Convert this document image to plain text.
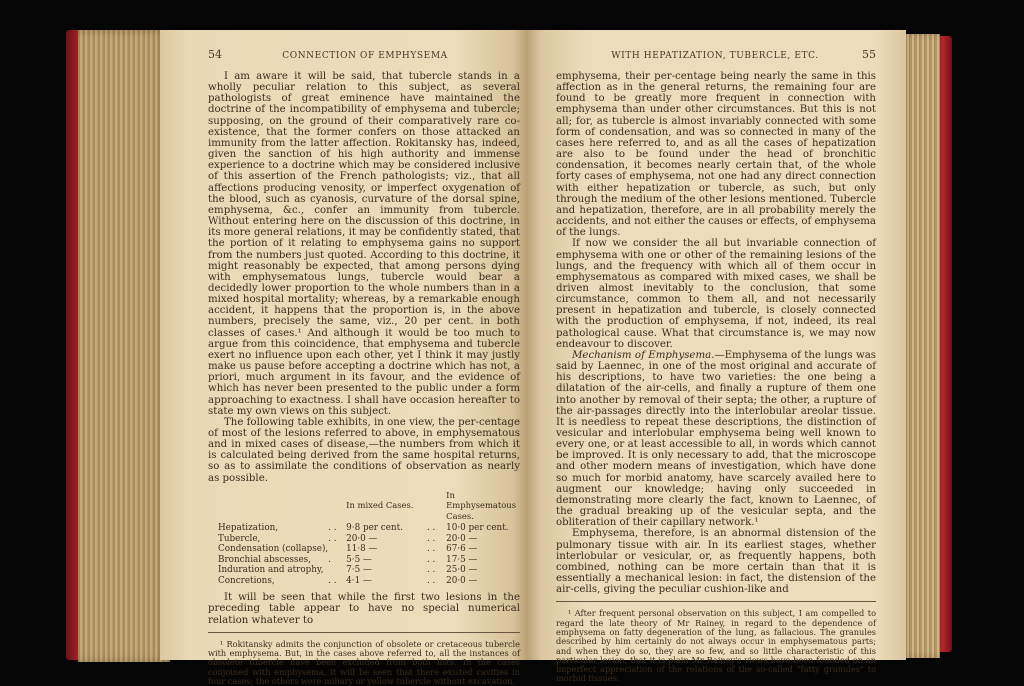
54	CONNECTION OF EMPHYSEMA

I am aware it will be said, that tubercle stands in a wholly peculiar relation to this subject, as several pathologists of great eminence have maintained the doctrine of the incompatibility of emphysema and tubercle; supposing, on the ground of their comparatively rare co-existence, that the former confers on those attacked an immunity from the latter affection. Rokitansky has, indeed, given the sanction of his high authority and immense experience to a doctrine which may be considered inclusive of this assertion of the French pathologists; viz., that all affections producing venosity, or imperfect oxygenation of the blood, such as cyanosis, curvature of the dorsal spine, emphysema, &c., confer an immunity from tubercle. Without entering here on the discussion of this doctrine, in its more general relations, it may be confidently stated, that the portion of it relating to emphysema gains no support from the numbers just quoted. According to this doctrine, it might reasonably be expected, that among persons dying with emphysematous lungs, tubercle would bear a decidedly lower proportion to the whole numbers than in a mixed hospital mortality; whereas, by a remarkable enough accident, it happens that the proportion is, in the above numbers, precisely the same, viz., 20 per cent. in both classes of cases.¹ And although it would be too much to argue from this coincidence, that emphysema and tubercle exert no influence upon each other, yet I think it may justly make us pause before accepting a doctrine which has not, a priori, much argument in its favour, and the evidence of which has never been presented to the public under a form approaching to exactness. I shall have occasion hereafter to state my own views on this subject.

The following table exhibits, in one view, the per-centage of most of the lesions referred to above, in emphysematous and in mixed cases of disease,—the numbers from which it is calculated being derived from the same hospital returns, so as to assimilate the conditions of observation as nearly as possible.

		In mixed Cases.		In Emphysematous Cases.
Hepatization,	. .	9·8 per cent.	. .	10·0 per cent.
Tubercle,	. .	20·0 —	. .	20·0 —
Condensation (collapse),		11·8 —	. .	67·6 —
Bronchial abscesses,	.	5·5 —	. .	17·5 —
Induration and atrophy,		7·5 —	. .	25·0 —
Concretions,	. .	4·1 —	. .	20·0 —

It will be seen that while the first two lesions in the preceding table appear to have no special numerical relation whatever to

¹ Rokitansky admits the conjunction of obsolete or cretaceous tubercle with emphysema. But, in the cases above referred to, all the instances of obsolete tubercle have been excluded from both lists. In the cases conjoined with emphysema, it will be seen that there existed cavities in four cases; the others were miliary or yellow tubercle without excavation.

WITH HEPATIZATION, TUBERCLE, ETC.	55

emphysema, their per-centage being nearly the same in this affection as in the general returns, the remaining four are found to be greatly more frequent in connection with emphysema than under other circumstances. But this is not all; for, as tubercle is almost invariably connected with some form of condensation, and was so connected in many of the cases here referred to, and as all the cases of hepatization are also to be found under the head of bronchitic condensation, it becomes nearly certain that, of the whole forty cases of emphysema, not one had any direct connection with either hepatization or tubercle, as such, but only through the medium of the other lesions mentioned. Tubercle and hepatization, therefore, are in all probability merely the accidents, and not either the causes or effects, of emphysema of the lungs.

If now we consider the all but invariable connection of emphysema with one or other of the remaining lesions of the lungs, and the frequency with which all of them occur in emphysematous as compared with mixed cases, we shall be driven almost inevitably to the conclusion, that some circumstance, common to them all, and not necessarily present in hepatization and tubercle, is closely connected with the production of emphysema, if not, indeed, its real pathological cause. What that circumstance is, we may now endeavour to discover.

Mechanism of Emphysema.—Emphysema of the lungs was said by Laennec, in one of the most original and accurate of his descriptions, to have two varieties: the one being a dilatation of the air-cells, and finally a rupture of them one into another by removal of their septa; the other, a rupture of the air-passages directly into the interlobular areolar tissue. It is needless to repeat these descriptions, the distinction of vesicular and interlobular emphysema being well known to every one, or at least accessible to all, in words which cannot be improved. It is only necessary to add, that the microscope and other modern means of investigation, which have done so much for morbid anatomy, have scarcely availed here to augment our knowledge; having only succeeded in demonstrating more clearly the fact, known to Laennec, of the gradual breaking up of the vesicular septa, and the obliteration of their capillary network.¹

Emphysema, therefore, is an abnormal distension of the pulmonary tissue with air. In its earliest stages, whether interlobular or vesicular, or, as frequently happens, both combined, nothing can be more certain than that it is essentially a mechanical lesion: in fact, the distension of the air-cells, giving the peculiar cushion-like and

¹ After frequent personal observation on this subject, I am compelled to regard the late theory of Mr Rainey, in regard to the dependence of emphysema on fatty degeneration of the lung, as fallacious. The granules described by him certainly do not always occur in emphysematous parts; and when they do so, they are so few, and so little characteristic of this particular lesion, that it is plain Mr Rainey's views have been founded on an imperfect appreciation of the relations of the so-called "fatty granules" to morbid tissues.
